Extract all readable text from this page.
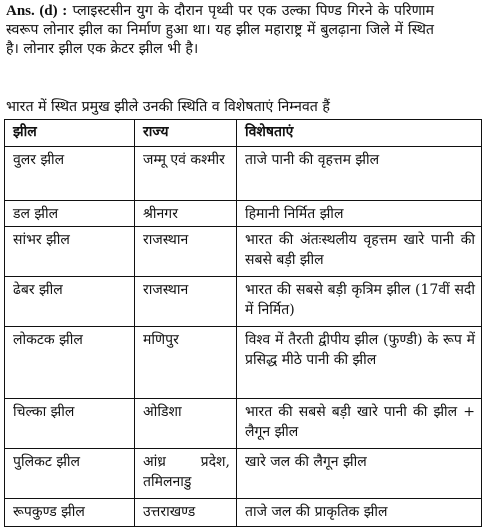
Ans. (d) : प्लाइस्टसीन युग के दौरान पृथ्वी पर एक उल्का पिण्ड गिरने के परिणाम स्वरूप लोनार झील का निर्माण हुआ था। यह झील महाराष्ट्र में बुलढ़ाना जिले में स्थित है। लोनार झील एक क्रेटर झील भी है।
भारत में स्थित प्रमुख झीले उनकी स्थिति व विशेषताएं निम्नवत हैं
झील	राज्य	विशेषताएं
वुलर झील	जम्मू एवं कश्मीर	ताजे पानी की वृहत्तम झील
डल झील	श्रीनगर	हिमानी निर्मित झील
सांभर झील	राजस्थान	भारत की अंतःस्थलीय वृहत्तम खारे पानी की सबसे बड़ी झील
ढेबर झील	राजस्थान	भारत की सबसे बड़ी कृत्रिम झील (17वीं सदी में निर्मित)
लोकटक झील	मणिपुर	विश्व में तैरती द्वीपीय झील (फुण्डी) के रूप में प्रसिद्ध मीठे पानी की झील
चिल्का झील	ओडिशा	भारत की सबसे बड़ी खारे पानी की झील + लैगून झील
पुलिकट झील	आंध्र प्रदेश, तमिलनाडु	खारे जल की लैगून झील
रूपकुण्ड झील	उत्तराखण्ड	ताजे जल की प्राकृतिक झील
